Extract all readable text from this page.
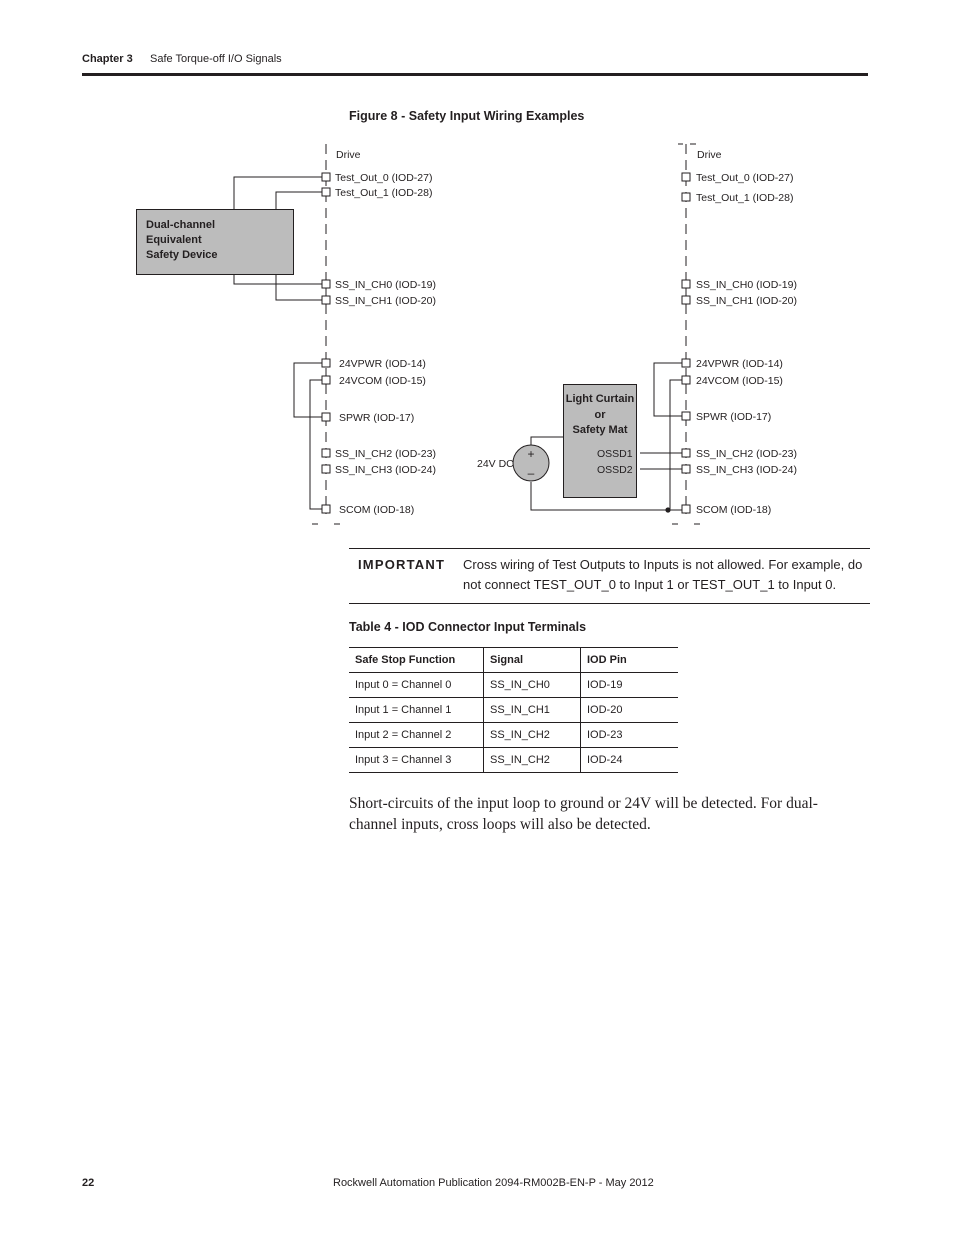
Chapter 3 Safe Torque-off I/O Signals
Figure 8 - Safety Input Wiring Examples
Dual-channel
Equivalent
Safety Device
Light Curtain
or
Safety Mat
OSSD1
OSSD2
+
–
24V DC
Drive	Drive
Test_Out_0 (IOD-27)
Test_Out_1 (IOD-28)
SS_IN_CH0 (IOD-19)
SS_IN_CH1 (IOD-20)
24VPWR (IOD-14)
24VCOM (IOD-15)
SPWR (IOD-17)
SS_IN_CH2 (IOD-23)
SS_IN_CH3 (IOD-24)
SCOM (IOD-18)
Test_Out_0 (IOD-27)
Test_Out_1 (IOD-28)
SS_IN_CH0 (IOD-19)
SS_IN_CH1 (IOD-20)
24VPWR (IOD-14)
24VCOM (IOD-15)
SPWR (IOD-17)
SS_IN_CH2 (IOD-23)
SS_IN_CH3 (IOD-24)
SCOM (IOD-18)
IMPORTANT Cross wiring of Test Outputs to Inputs is not allowed. For example, do not connect TEST_OUT_0 to Input 1 or TEST_OUT_1 to Input 0.
Table 4 - IOD Connector Input Terminals
Safe Stop Function	Signal	IOD Pin
Input 0 = Channel 0	SS_IN_CH0	IOD-19
Input 1 = Channel 1	SS_IN_CH1	IOD-20
Input 2 = Channel 2	SS_IN_CH2	IOD-23
Input 3 = Channel 3	SS_IN_CH2	IOD-24
Short-circuits of the input loop to ground or 24V will be detected. For dual-channel inputs, cross loops will also be detected.
22	Rockwell Automation Publication 2094-RM002B-EN-P - May 2012
